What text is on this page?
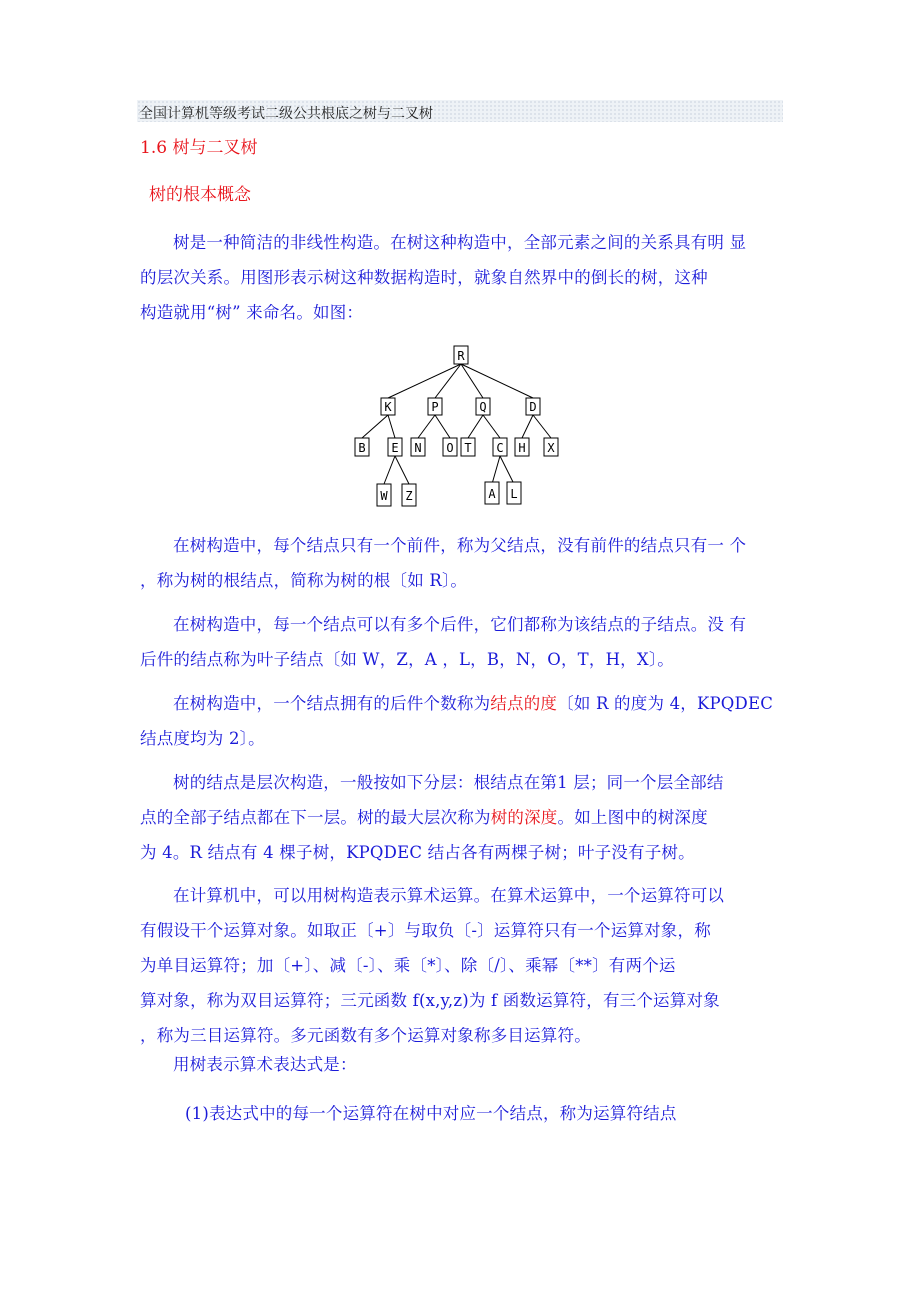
全国计算机等级考试二级公共根底之树与二叉树
1.6 树与二叉树
树的根本概念
树是一种简洁的非线性构造。在树这种构造中，全部元素之间的关系具有明 显
的层次关系。用图形表示树这种数据构造时，就象自然界中的倒长的树，这种
构造就用“树” 来命名。如图：
R
K	P	Q	D
B E N O T C H X
W Z	A L
在树构造中，每个结点只有一个前件，称为父结点，没有前件的结点只有一 个
，称为树的根结点，简称为树的根〔如 R〕。
在树构造中，每一个结点可以有多个后件，它们都称为该结点的子结点。没 有
后件的结点称为叶子结点〔如 W，Z，A ，L，B，N，O，T，H，X〕。
在树构造中，一个结点拥有的后件个数称为结点的度〔如 R 的度为 4，KPQDEC
结点度均为 2〕。
树的结点是层次构造，一般按如下分层：根结点在第1 层；同一个层全部结
点的全部子结点都在下一层。树的最大层次称为树的深度。如上图中的树深度
为 4。R 结点有 4 棵子树，KPQDEC 结占各有两棵子树；叶子没有子树。
在计算机中，可以用树构造表示算术运算。在算术运算中，一个运算符可以
有假设干个运算对象。如取正〔+〕与取负〔-〕运算符只有一个运算对象，称
为单目运算符；加〔+〕、减〔-〕、乘〔*〕、除〔/〕、乘幂〔**〕有两个运
算对象，称为双目运算符；三元函数 f(x,y,z)为 f 函数运算符，有三个运算对象
，称为三目运算符。多元函数有多个运算对象称多目运算符。
用树表示算术表达式是：
(1)表达式中的每一个运算符在树中对应一个结点，称为运算符结点
